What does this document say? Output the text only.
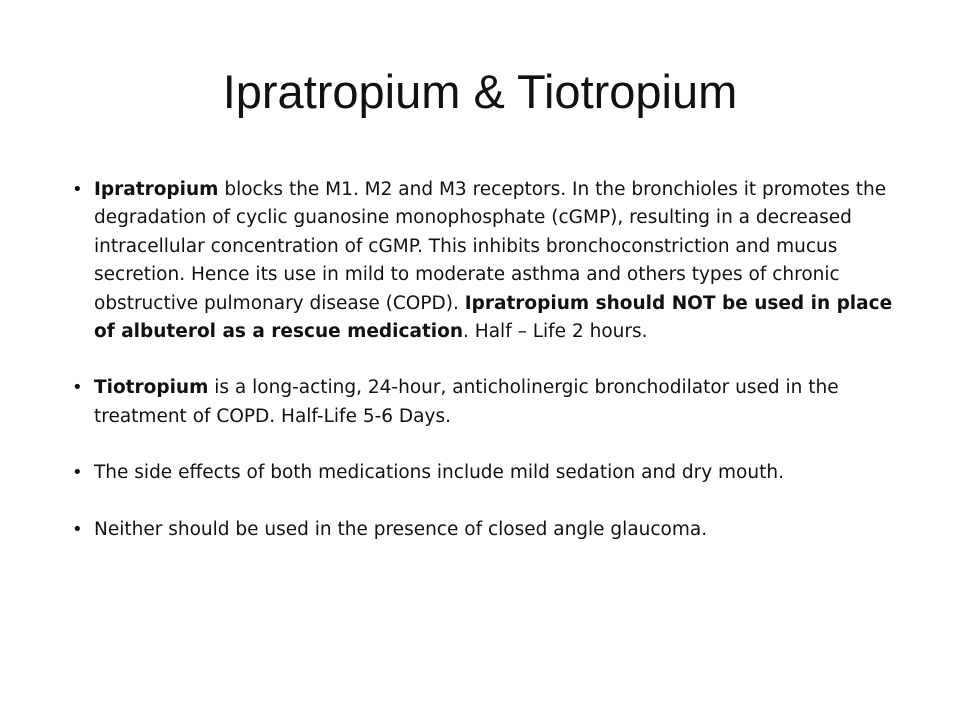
Ipratropium & Tiotropium
• Ipratropium blocks the M1. M2 and M3 receptors. In the bronchioles it promotes the degradation of cyclic guanosine monophosphate (cGMP), resulting in a decreased intracellular concentration of cGMP. This inhibits bronchoconstriction and mucus secretion. Hence its use in mild to moderate asthma and others types of chronic obstructive pulmonary disease (COPD). Ipratropium should NOT be used in place of albuterol as a rescue medication. Half – Life 2 hours.
• Tiotropium is a long-acting, 24-hour, anticholinergic bronchodilator used in the treatment of COPD. Half-Life 5-6 Days.
• The side effects of both medications include mild sedation and dry mouth.
• Neither should be used in the presence of closed angle glaucoma.
